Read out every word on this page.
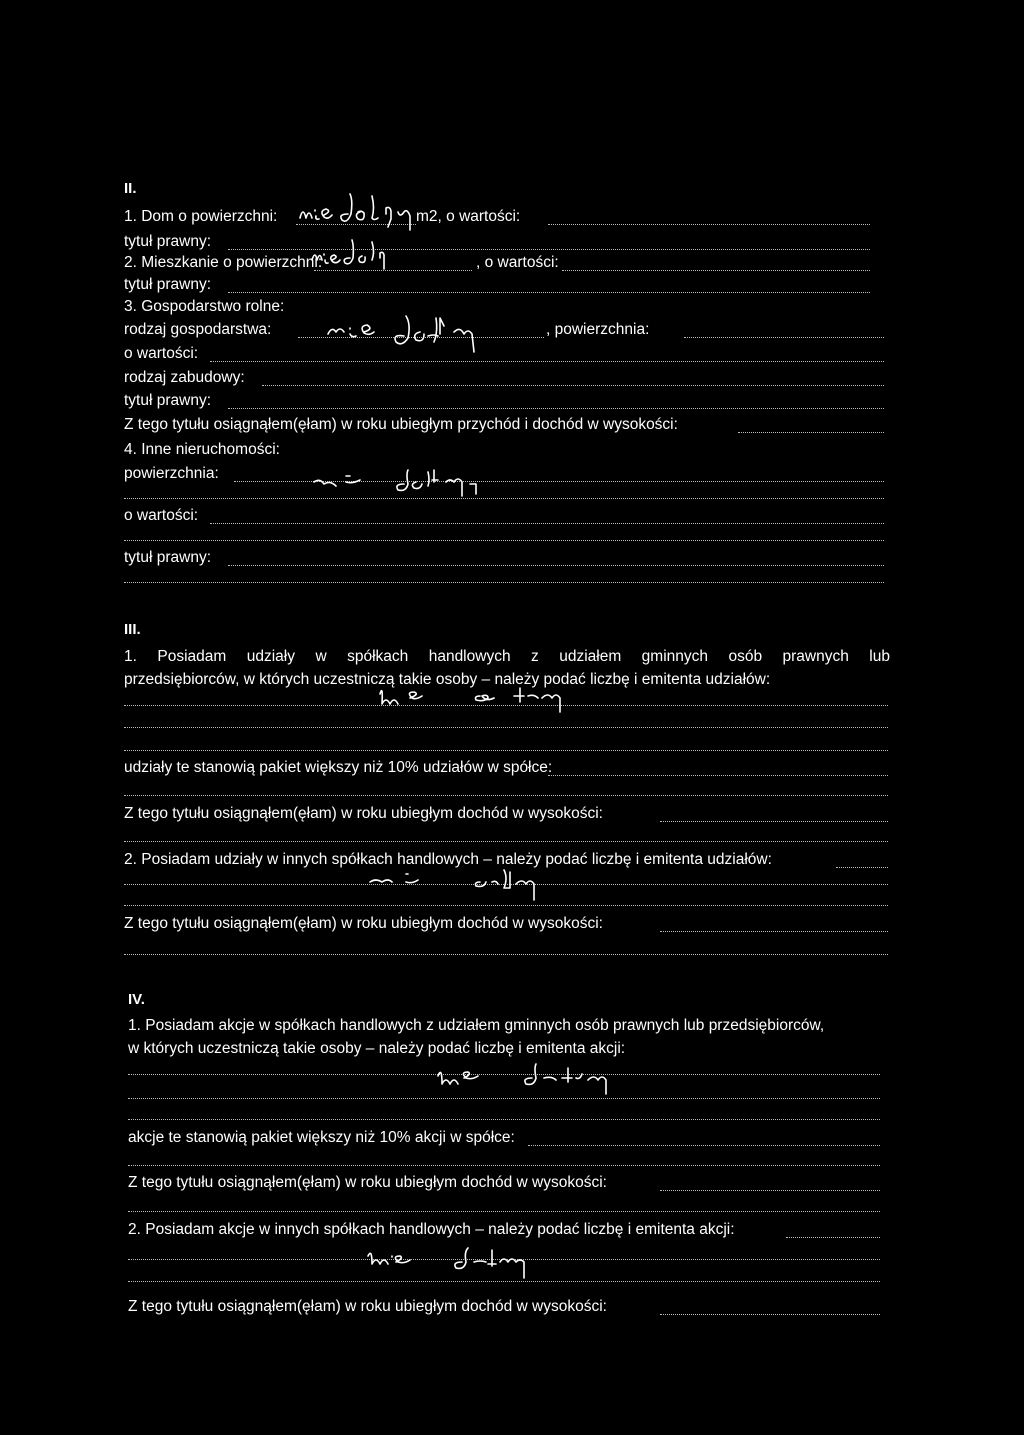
II.
1. Dom o powierzchni:	m2, o wartości:
tytuł prawny:
2. Mieszkanie o powierzchni:	, o wartości:
tytuł prawny:
3. Gospodarstwo rolne:
rodzaj gospodarstwa:	, powierzchnia:
o wartości:
rodzaj zabudowy:
tytuł prawny:
Z tego tytułu osiągnąłem(ęłam) w roku ubiegłym przychód i dochód w wysokości:
4. Inne nieruchomości:
powierzchnia:
o wartości:
tytuł prawny:
III.
1. Posiadam udziały w spółkach handlowych z udziałem gminnych osób prawnych lub
przedsiębiorców, w których uczestniczą takie osoby – należy podać liczbę i emitenta udziałów:
udziały te stanowią pakiet większy niż 10% udziałów w spółce:
Z tego tytułu osiągnąłem(ęłam) w roku ubiegłym dochód w wysokości:
2. Posiadam udziały w innych spółkach handlowych – należy podać liczbę i emitenta udziałów:
Z tego tytułu osiągnąłem(ęłam) w roku ubiegłym dochód w wysokości:
IV.
1. Posiadam akcje w spółkach handlowych z udziałem gminnych osób prawnych lub przedsiębiorców,
w których uczestniczą takie osoby – należy podać liczbę i emitenta akcji:
akcje te stanowią pakiet większy niż 10% akcji w spółce:
Z tego tytułu osiągnąłem(ęłam) w roku ubiegłym dochód w wysokości:
2. Posiadam akcje w innych spółkach handlowych – należy podać liczbę i emitenta akcji:
Z tego tytułu osiągnąłem(ęłam) w roku ubiegłym dochód w wysokości:
